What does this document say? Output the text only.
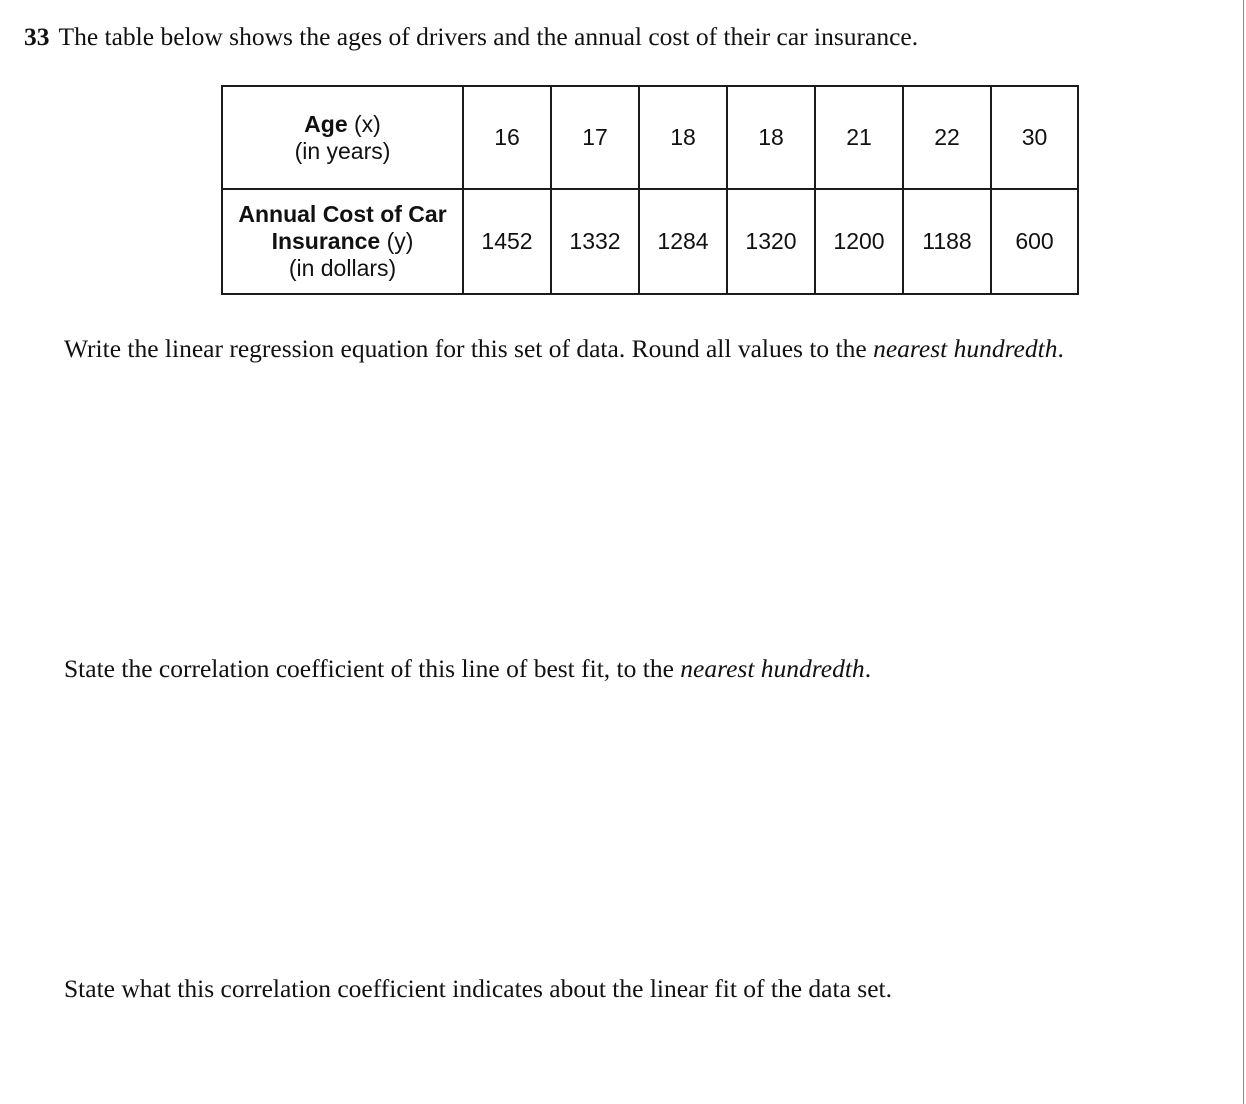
33 The table below shows the ages of drivers and the annual cost of their car insurance.
Age (x)
(in years)	16	17	18	18	21	22	30
Annual Cost of Car Insurance (y)
(in dollars)	1452	1332	1284	1320	1200	1188	600
Write the linear regression equation for this set of data. Round all values to the nearest hundredth.
State the correlation coefficient of this line of best fit, to the nearest hundredth.
State what this correlation coefficient indicates about the linear fit of the data set.
